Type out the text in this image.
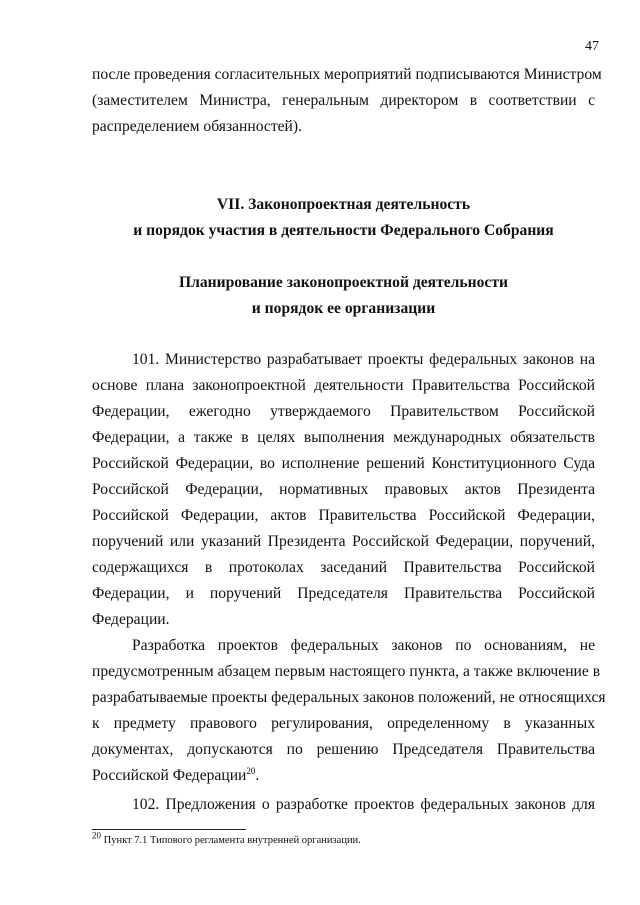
47
после проведения согласительных мероприятий подписываются Министром
(заместителем Министра, генеральным директором в соответствии с
распределением обязанностей).
VII. Законопроектная деятельность
и порядок участия в деятельности Федерального Собрания
Планирование законопроектной деятельности
и порядок ее организации
101. Министерство разрабатывает проекты федеральных законов на
основе плана законопроектной деятельности Правительства Российской
Федерации, ежегодно утверждаемого Правительством Российской
Федерации, а также в целях выполнения международных обязательств
Российской Федерации, во исполнение решений Конституционного Суда
Российской Федерации, нормативных правовых актов Президента
Российской Федерации, актов Правительства Российской Федерации,
поручений или указаний Президента Российской Федерации, поручений,
содержащихся в протоколах заседаний Правительства Российской
Федерации, и поручений Председателя Правительства Российской
Федерации.
Разработка проектов федеральных законов по основаниям, не
предусмотренным абзацем первым настоящего пункта, а также включение в
разрабатываемые проекты федеральных законов положений, не относящихся
к предмету правового регулирования, определенному в указанных
документах, допускаются по решению Председателя Правительства
Российской Федерации$^{20}$.
102. Предложения о разработке проектов федеральных законов для
$^{20}$ Пункт 7.1 Типового регламента внутренней организации.
